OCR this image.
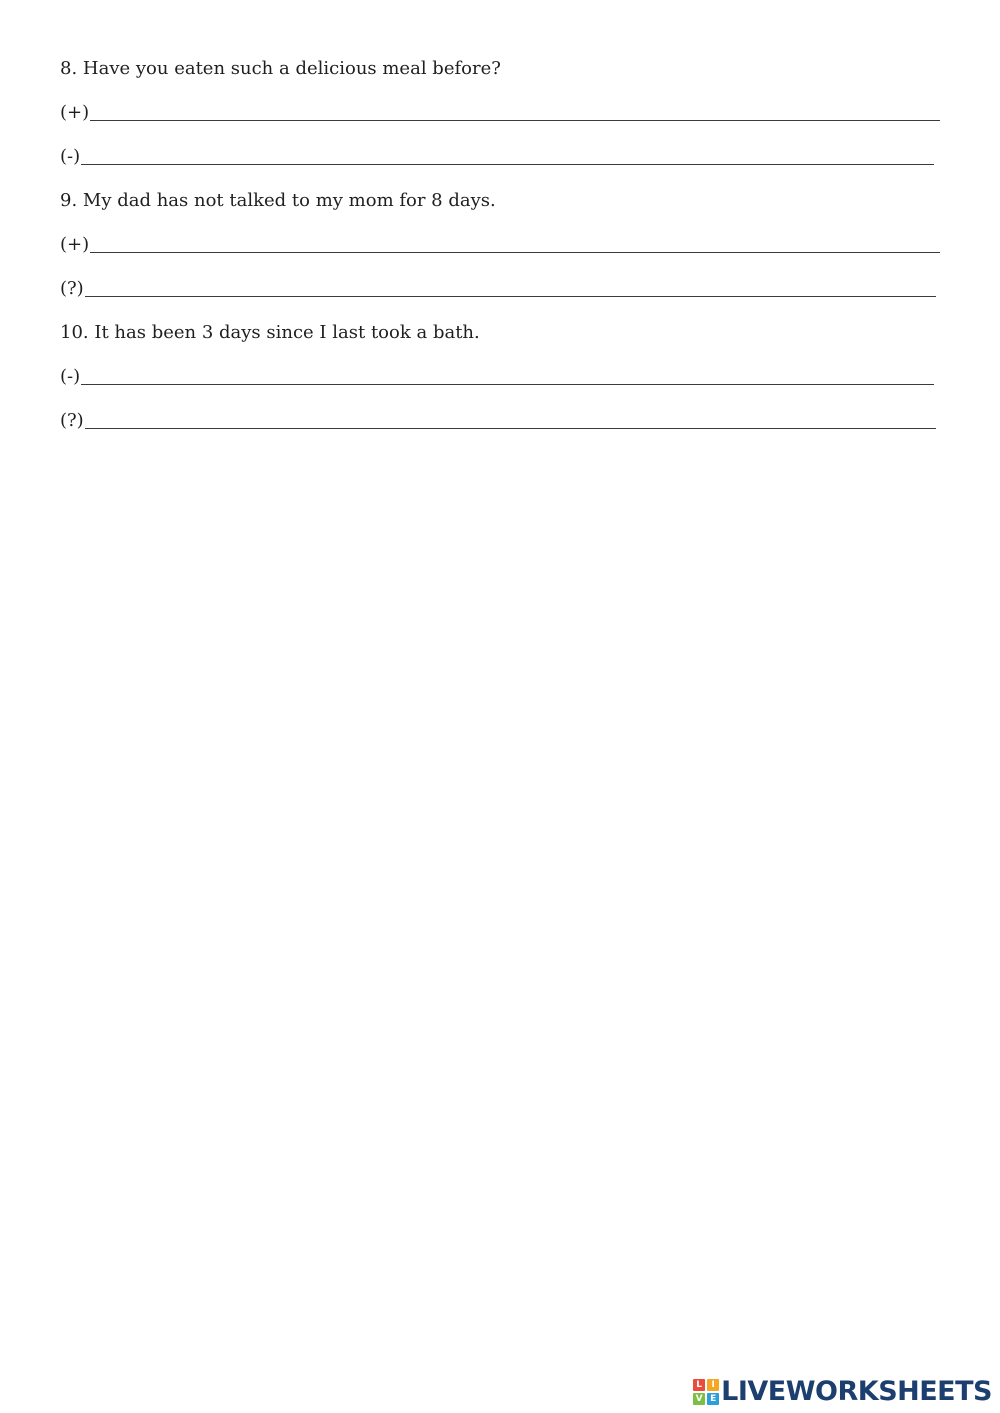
8. Have you eaten such a delicious meal before?

(+)
(-)

9. My dad has not talked to my mom for 8 days.

(+)
(?)

10. It has been 3 days since I last took a bath.

(-)
(?)
L	I
V E LIVEWORKSHEETS
